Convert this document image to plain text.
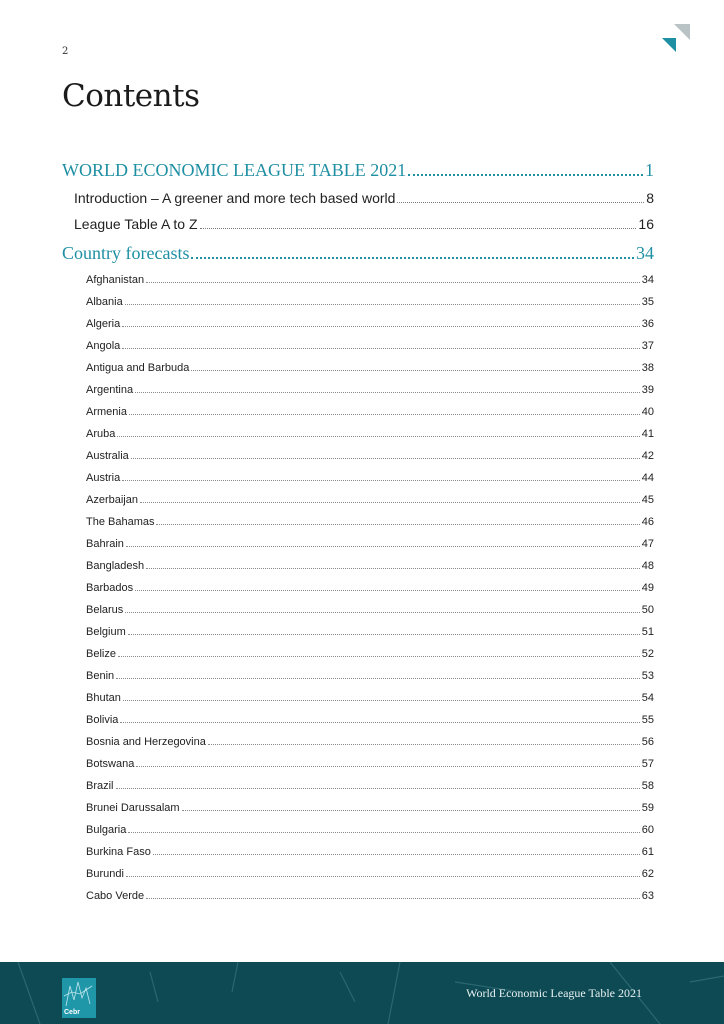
2
Contents
WORLD ECONOMIC LEAGUE TABLE 2021	1
Introduction – A greener and more tech based world	8
League Table A to Z	16
Country forecasts	34
Afghanistan	34
Albania	35
Algeria	36
Angola	37
Antigua and Barbuda	38
Argentina	39
Armenia	40
Aruba	41
Australia	42
Austria	44
Azerbaijan	45
The Bahamas	46
Bahrain	47
Bangladesh	48
Barbados	49
Belarus	50
Belgium	51
Belize	52
Benin	53
Bhutan	54
Bolivia	55
Bosnia and Herzegovina	56
Botswana	57
Brazil	58
Brunei Darussalam	59
Bulgaria	60
Burkina Faso	61
Burundi	62
Cabo Verde	63
World Economic League Table 2021
Cebr
